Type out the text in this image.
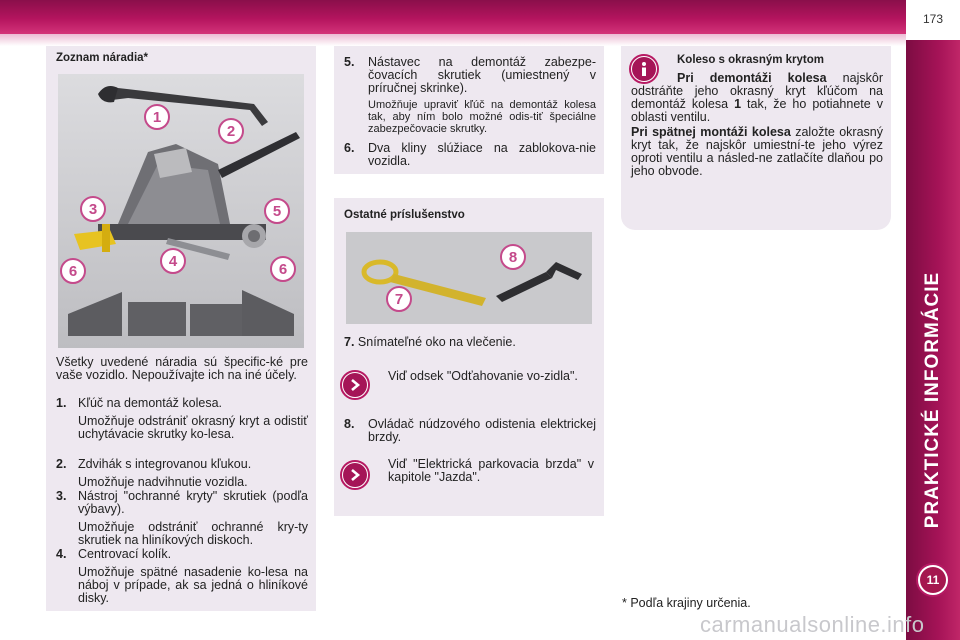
173
PRAKTICKÉ INFORMÁCIE
11
Zoznam náradia*
1
2
3	5
4
6	6
Všetky uvedené náradia sú špecific-ké pre vaše vozidlo. Nepoužívajte ich na iné účely.
1. Kľúč na demontáž kolesa.
Umožňuje odstrániť okrasný kryt a odistiť uchytávacie skrutky ko-lesa.
2. Zdvihák s integrovanou kľukou.
Umožňuje nadvihnutie vozidla.
3. Nástroj "ochranné kryty" skrutiek (podľa výbavy).
Umožňuje odstrániť ochranné kry-ty skrutiek na hliníkových diskoch.
4. Centrovací kolík.
Umožňuje spätné nasadenie ko-lesa na náboj v prípade, ak sa jedná o hliníkové disky.
5. Nástavec na demontáž zabezpe-čovacích skrutiek (umiestnený v príručnej skrinke).
Umožňuje upraviť kľúč na demontáž kolesa tak, aby ním bolo možné odis-tiť špeciálne zabezpečovacie skrutky.
6. Dva kliny slúžiace na zablokova-nie vozidla.
Ostatné príslušenstvo
8
7
7. Snímateľné oko na vlečenie.
Viď odsek "Odťahovanie vo-zidla".
8. Ovládač núdzového odistenia elektrickej brzdy.
Viď "Elektrická parkovacia brzda" v kapitole "Jazda".
Koleso s okrasným krytom
Pri demontáži kolesa najskôr odstráňte jeho okrasný kryt kľúčom na demontáž kolesa 1 tak, že ho potiahnete v oblasti ventilu.
Pri spätnej montáži kolesa založte okrasný kryt tak, že najskôr umiestní-te jeho výrez oproti ventilu a násled-ne zatlačíte dlaňou po jeho obvode.
* Podľa krajiny určenia.
carmanualsonline.info
